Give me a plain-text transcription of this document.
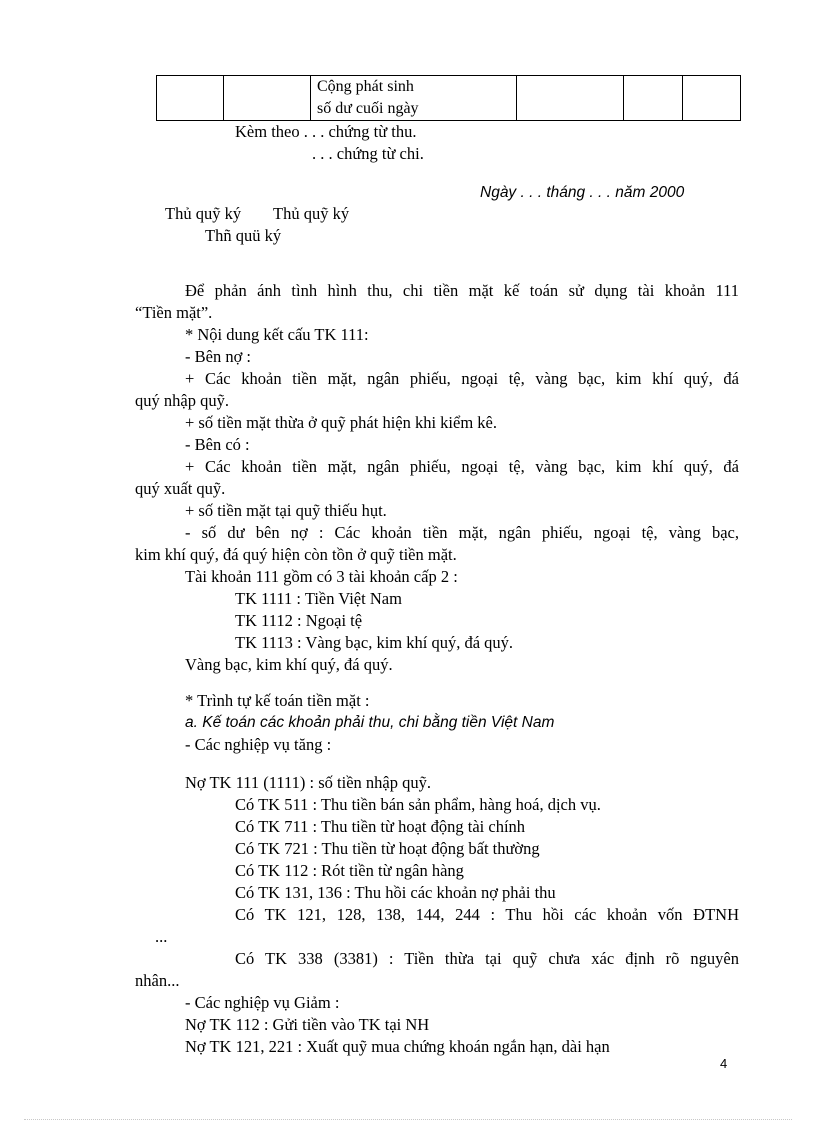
		Cộng phát sinh
số dư cuối ngày			
Kèm theo . . . chứng từ thu.
. . . chứng từ chi.
Ngày . . . tháng . . . năm 2000
Thủ quỹ ký Thủ quỹ ký
Thñ quü ký
Để phản ánh tình hình thu, chi tiền mặt kế toán sử dụng tài khoản 111
“Tiền mặt”.
* Nội dung kết cấu TK 111:
- Bên nợ :
+ Các khoản tiền mặt, ngân phiếu, ngoại tệ, vàng bạc, kim khí quý, đá
quý nhập quỹ.
+ số tiền mặt thừa ở quỹ phát hiện khi kiểm kê.
- Bên có :
+ Các khoản tiền mặt, ngân phiếu, ngoại tệ, vàng bạc, kim khí quý, đá
quý xuất quỹ.
+ số tiền mặt tại quỹ thiếu hụt.
- số dư bên nợ : Các khoản tiền mặt, ngân phiếu, ngoại tệ, vàng bạc,
kim khí quý, đá quý hiện còn tồn ở quỹ tiền mặt.
Tài khoản 111 gồm có 3 tài khoản cấp 2 :
TK 1111 : Tiền Việt Nam
TK 1112 : Ngoại tệ
TK 1113 : Vàng bạc, kim khí quý, đá quý.
Vàng bạc, kim khí quý, đá quý.
* Trình tự kế toán tiền mặt :
a. Kế toán các khoản phải thu, chi bằng tiền Việt Nam
- Các nghiệp vụ tăng :
Nợ TK 111 (1111) : số tiền nhập quỹ.
Có TK 511 : Thu tiền bán sản phẩm, hàng hoá, dịch vụ.
Có TK 711 : Thu tiền từ hoạt động tài chính
Có TK 721 : Thu tiền từ hoạt động bất thường
Có TK 112 : Rót tiền từ ngân hàng
Có TK 131, 136 : Thu hồi các khoản nợ phải thu
Có TK 121, 128, 138, 144, 244 : Thu hồi các khoản vốn ĐTNH
...
Có TK 338 (3381) : Tiền thừa tại quỹ chưa xác định rõ nguyên
nhân...
- Các nghiệp vụ Giảm :
Nợ TK 112 : Gửi tiền vào TK tại NH
Nợ TK 121, 221 : Xuất quỹ mua chứng khoán ngắn hạn, dài hạn
4
